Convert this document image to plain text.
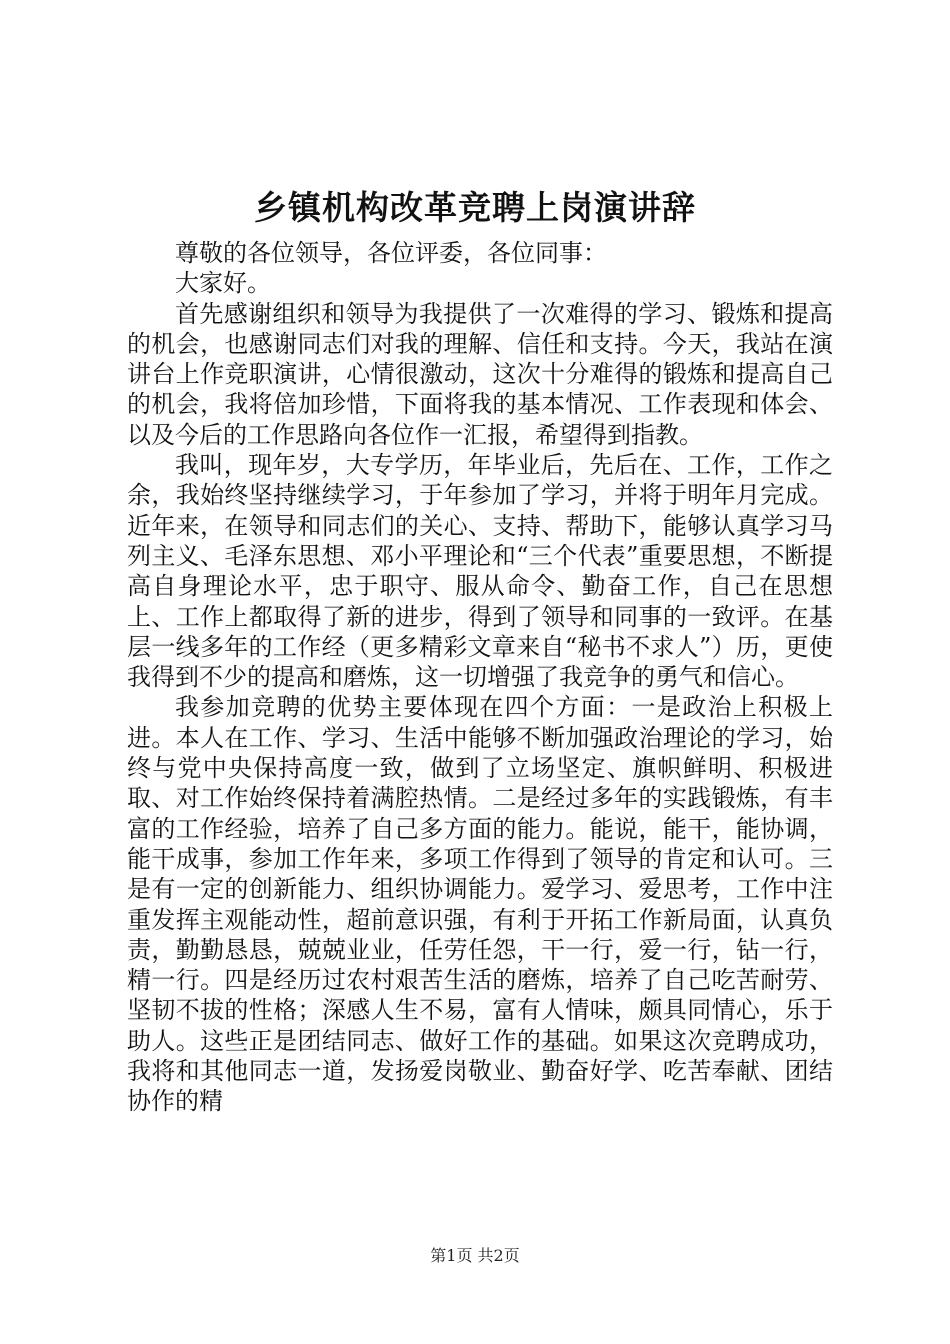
乡镇机构改革竞聘上岗演讲辞

尊敬的各位领导，各位评委，各位同事：

大家好。

首先感谢组织和领导为我提供了一次难得的学习、锻炼和提高的机会，也感谢同志们对我的理解、信任和支持。今天，我站在演讲台上作竞职演讲，心情很激动，这次十分难得的锻炼和提高自己的机会，我将倍加珍惜，下面将我的基本情况、工作表现和体会、以及今后的工作思路向各位作一汇报，希望得到指教。

我叫，现年岁，大专学历，年毕业后，先后在、工作，工作之余，我始终坚持继续学习，于年参加了学习，并将于明年月完成。近年来，在领导和同志们的关心、支持、帮助下，能够认真学习马列主义、毛泽东思想、邓小平理论和“三个代表”重要思想，不断提高自身理论水平，忠于职守、服从命令、勤奋工作，自己在思想上、工作上都取得了新的进步，得到了领导和同事的一致评。在基层一线多年的工作经（更多精彩文章来自“秘书不求人”）历，更使我得到不少的提高和磨炼，这一切增强了我竞争的勇气和信心。

我参加竞聘的优势主要体现在四个方面：一是政治上积极上进。本人在工作、学习、生活中能够不断加强政治理论的学习，始终与党中央保持高度一致，做到了立场坚定、旗帜鲜明、积极进取、对工作始终保持着满腔热情。二是经过多年的实践锻炼，有丰富的工作经验，培养了自己多方面的能力。能说，能干，能协调，能干成事，参加工作年来，多项工作得到了领导的肯定和认可。三是有一定的创新能力、组织协调能力。爱学习、爱思考，工作中注重发挥主观能动性，超前意识强，有利于开拓工作新局面，认真负责，勤勤恳恳，兢兢业业，任劳任怨，干一行，爱一行，钻一行，精一行。四是经历过农村艰苦生活的磨炼，培养了自己吃苦耐劳、坚韧不拔的性格；深感人生不易，富有人情味，颇具同情心，乐于助人。这些正是团结同志、做好工作的基础。如果这次竞聘成功，我将和其他同志一道，发扬爱岗敬业、勤奋好学、吃苦奉献、团结协作的精

第1页 共2页
